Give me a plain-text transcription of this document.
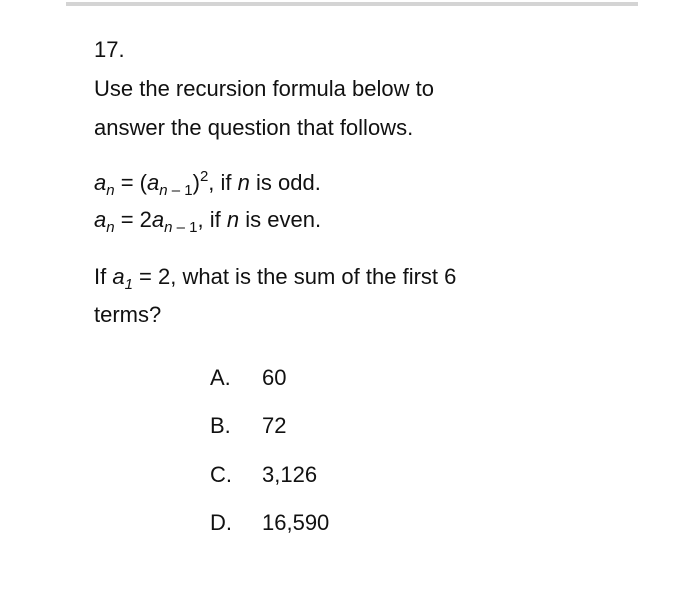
17.
Use the recursion formula below to
answer the question that follows.
$a_n = (a_{n - 1})^2$, if n is odd.
$a_n = 2a_{n - 1}$, if n is even.
If $a_1 = 2$, what is the sum of the first 6
terms?
A. 60
B. 72
C. 3,126
D. 16,590
